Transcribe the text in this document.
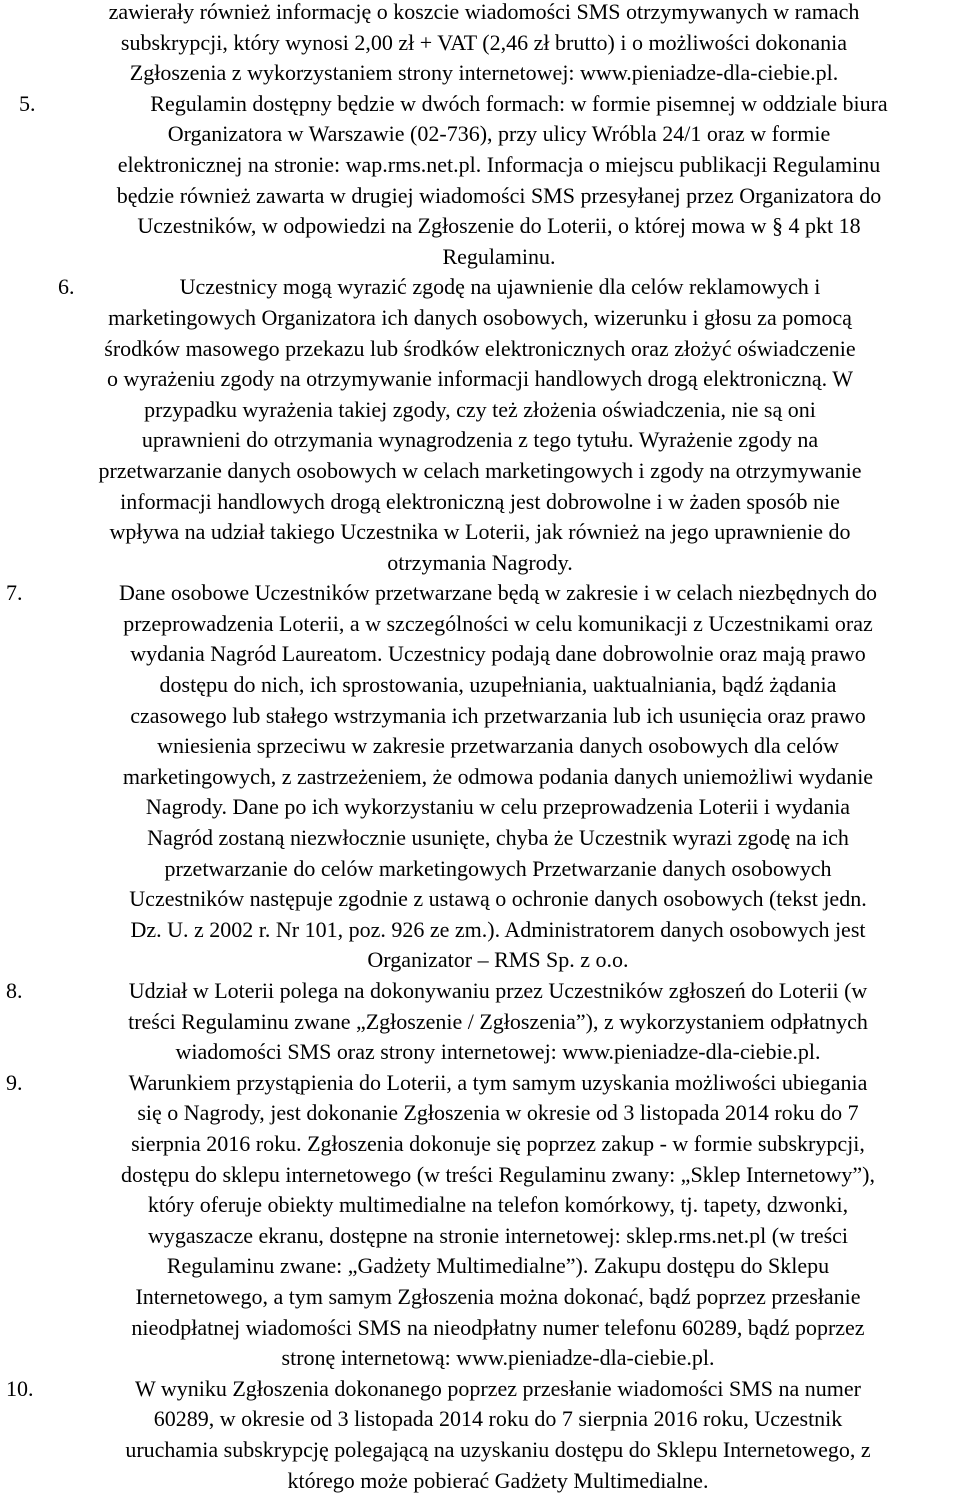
zawierały również informację o koszcie wiadomości SMS otrzymywanych w ramach
subskrypcji, który wynosi 2,00 zł + VAT (2,46 zł brutto) i o możliwości dokonania
Zgłoszenia z wykorzystaniem strony internetowej: www.pieniadze-dla-ciebie.pl.
5.	Regulamin dostępny będzie w dwóch formach: w formie pisemnej w oddziale biura
Organizatora w Warszawie (02-736), przy ulicy Wróbla 24/1 oraz w formie
elektronicznej na stronie: wap.rms.net.pl. Informacja o miejscu publikacji Regulaminu
będzie również zawarta w drugiej wiadomości SMS przesyłanej przez Organizatora do
Uczestników, w odpowiedzi na Zgłoszenie do Loterii, o której mowa w § 4 pkt 18
Regulaminu.
6.	Uczestnicy mogą wyrazić zgodę na ujawnienie dla celów reklamowych i
marketingowych Organizatora ich danych osobowych, wizerunku i głosu za pomocą
środków masowego przekazu lub środków elektronicznych oraz złożyć oświadczenie
o wyrażeniu zgody na otrzymywanie informacji handlowych drogą elektroniczną. W
przypadku wyrażenia takiej zgody, czy też złożenia oświadczenia, nie są oni
uprawnieni do otrzymania wynagrodzenia z tego tytułu. Wyrażenie zgody na
przetwarzanie danych osobowych w celach marketingowych i zgody na otrzymywanie
informacji handlowych drogą elektroniczną jest dobrowolne i w żaden sposób nie
wpływa na udział takiego Uczestnika w Loterii, jak również na jego uprawnienie do
otrzymania Nagrody.
7.	Dane osobowe Uczestników przetwarzane będą w zakresie i w celach niezbędnych do
przeprowadzenia Loterii, a w szczególności w celu komunikacji z Uczestnikami oraz
wydania Nagród Laureatom. Uczestnicy podają dane dobrowolnie oraz mają prawo
dostępu do nich, ich sprostowania, uzupełniania, uaktualniania, bądź żądania
czasowego lub stałego wstrzymania ich przetwarzania lub ich usunięcia oraz prawo
wniesienia sprzeciwu w zakresie przetwarzania danych osobowych dla celów
marketingowych, z zastrzeżeniem, że odmowa podania danych uniemożliwi wydanie
Nagrody. Dane po ich wykorzystaniu w celu przeprowadzenia Loterii i wydania
Nagród zostaną niezwłocznie usunięte, chyba że Uczestnik wyrazi zgodę na ich
przetwarzanie do celów marketingowych Przetwarzanie danych osobowych
Uczestników następuje zgodnie z ustawą o ochronie danych osobowych (tekst jedn.
Dz. U. z 2002 r. Nr 101, poz. 926 ze zm.). Administratorem danych osobowych jest
Organizator – RMS Sp. z o.o.
8.	Udział w Loterii polega na dokonywaniu przez Uczestników zgłoszeń do Loterii (w
treści Regulaminu zwane „Zgłoszenie / Zgłoszenia”), z wykorzystaniem odpłatnych
wiadomości SMS oraz strony internetowej: www.pieniadze-dla-ciebie.pl.
9.	Warunkiem przystąpienia do Loterii, a tym samym uzyskania możliwości ubiegania
się o Nagrody, jest dokonanie Zgłoszenia w okresie od 3 listopada 2014 roku do 7
sierpnia 2016 roku. Zgłoszenia dokonuje się poprzez zakup - w formie subskrypcji,
dostępu do sklepu internetowego (w treści Regulaminu zwany: „Sklep Internetowy”),
który oferuje obiekty multimedialne na telefon komórkowy, tj. tapety, dzwonki,
wygaszacze ekranu, dostępne na stronie internetowej: sklep.rms.net.pl (w treści
Regulaminu zwane: „Gadżety Multimedialne”). Zakupu dostępu do Sklepu
Internetowego, a tym samym Zgłoszenia można dokonać, bądź poprzez przesłanie
nieodpłatnej wiadomości SMS na nieodpłatny numer telefonu 60289, bądź poprzez
stronę internetową: www.pieniadze-dla-ciebie.pl.
10.	W wyniku Zgłoszenia dokonanego poprzez przesłanie wiadomości SMS na numer
60289, w okresie od 3 listopada 2014 roku do 7 sierpnia 2016 roku, Uczestnik
uruchamia subskrypcję polegającą na uzyskaniu dostępu do Sklepu Internetowego, z
którego może pobierać Gadżety Multimedialne.
